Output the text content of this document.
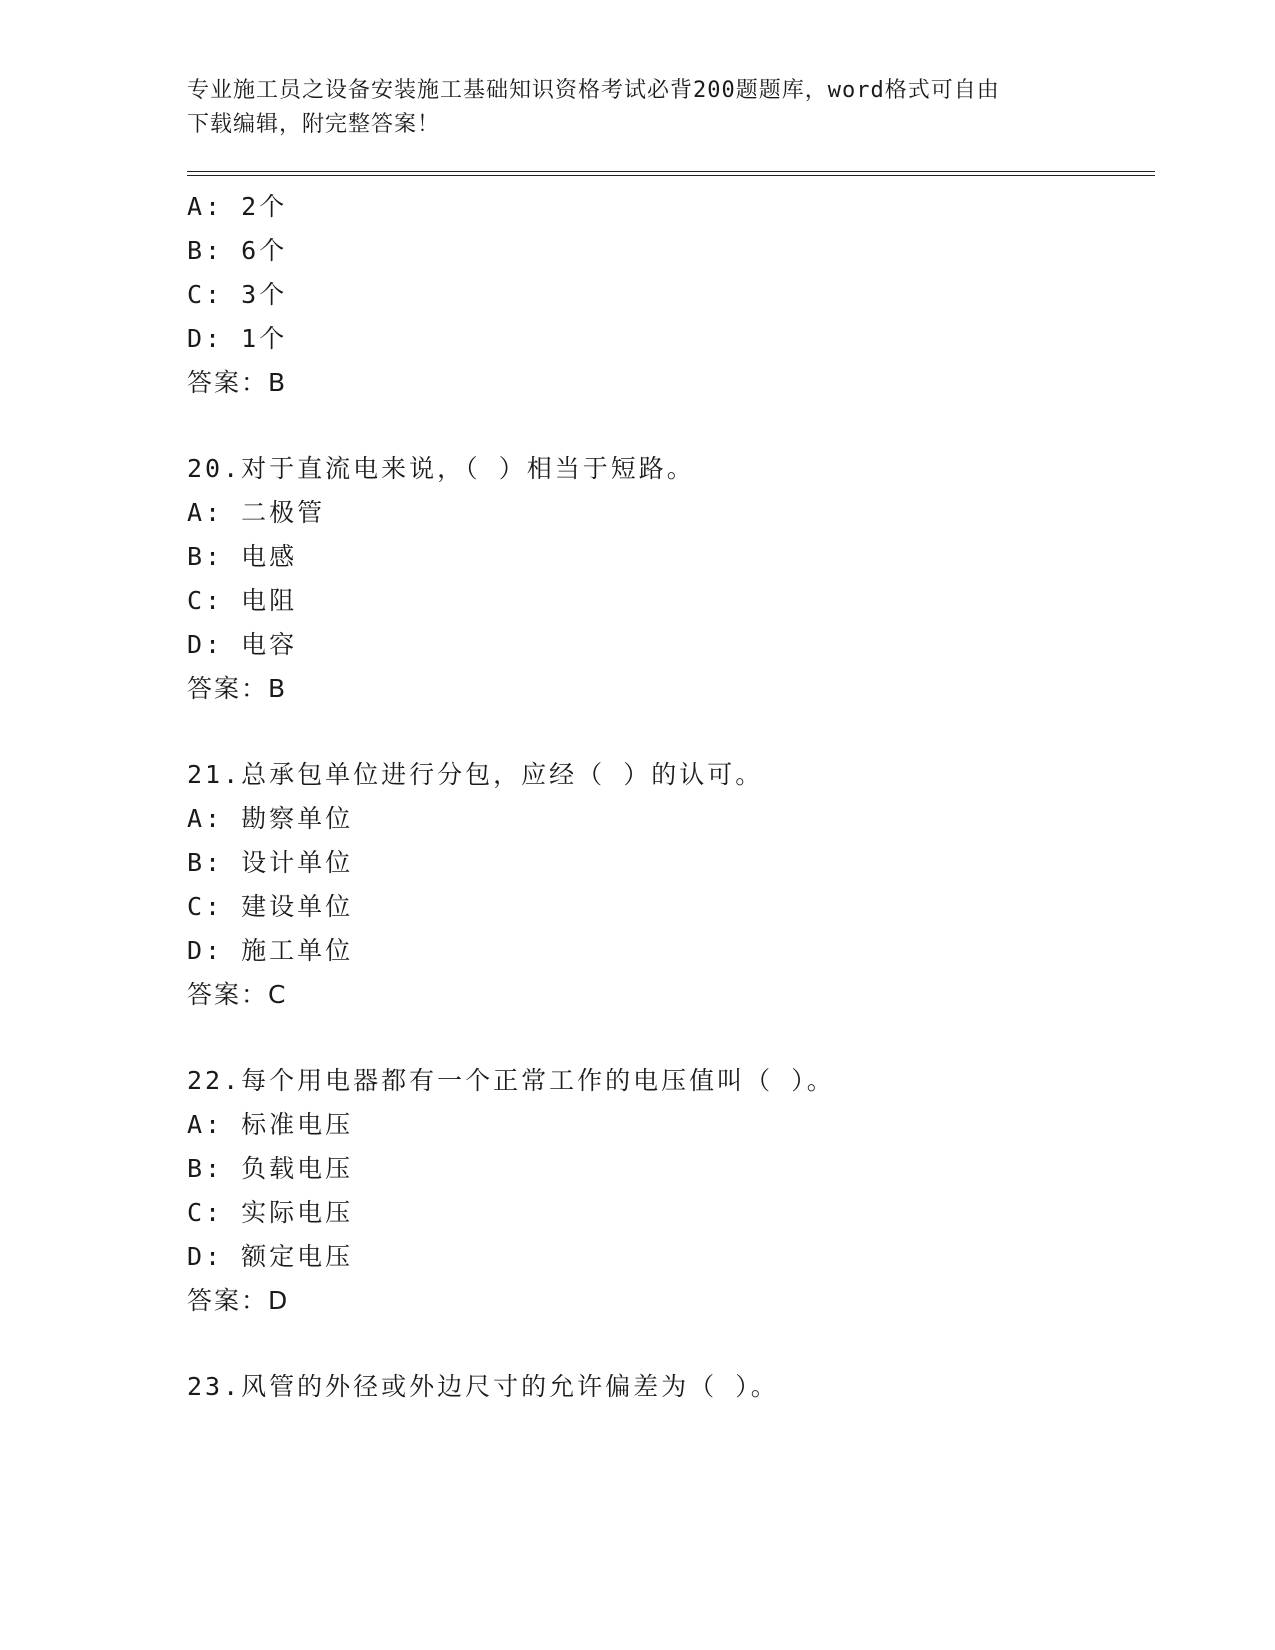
专业施工员之设备安装施工基础知识资格考试必背200题题库，word格式可自由
下载编辑，附完整答案！
A: 2个
B: 6个
C: 3个
D: 1个
答案：B
20.对于直流电来说，（ ）相当于短路。
A: 二极管
B: 电感
C: 电阻
D: 电容
答案：B
21.总承包单位进行分包，应经（ ）的认可。
A: 勘察单位
B: 设计单位
C: 建设单位
D: 施工单位
答案：C
22.每个用电器都有一个正常工作的电压值叫（ ）。
A: 标准电压
B: 负载电压
C: 实际电压
D: 额定电压
答案：D
23.风管的外径或外边尺寸的允许偏差为（ ）。
